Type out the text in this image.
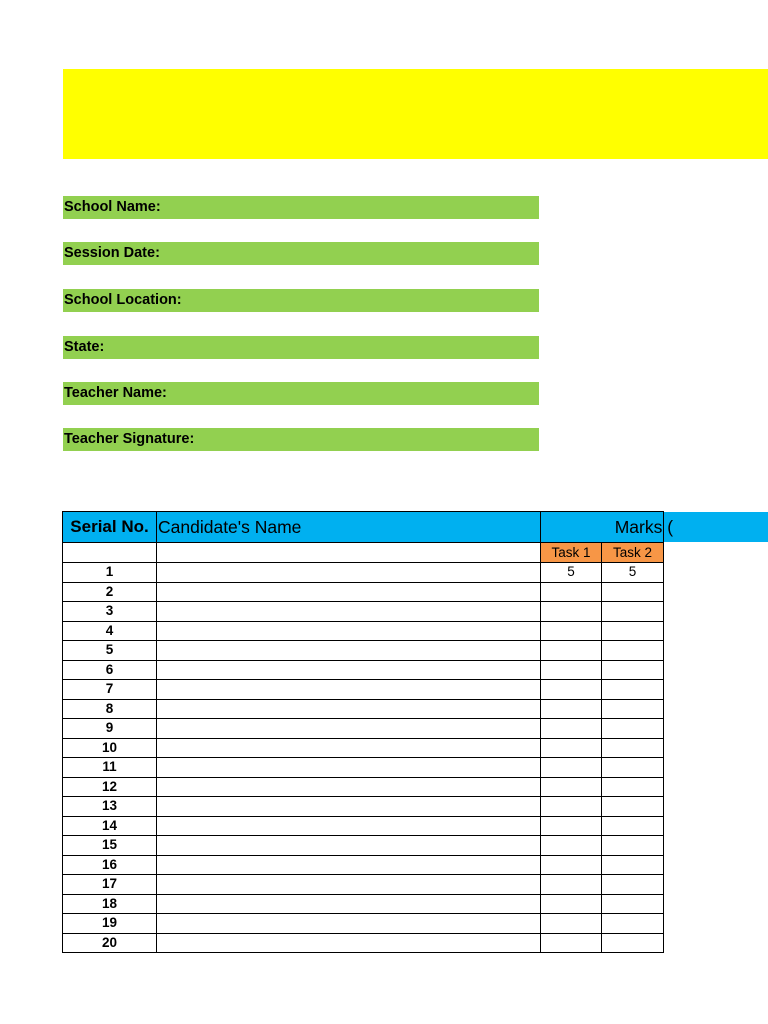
School Name:
Session Date:
School Location:
State:
Teacher Name:
Teacher Signature:
Serial No.	Candidate's Name	Marks (	
		Task 1	Task 2
1		5	5
2			
3			
4			
5			
6			
7			
8			
9			
10			
11			
12			
13			
14			
15			
16			
17			
18			
19			
20			
